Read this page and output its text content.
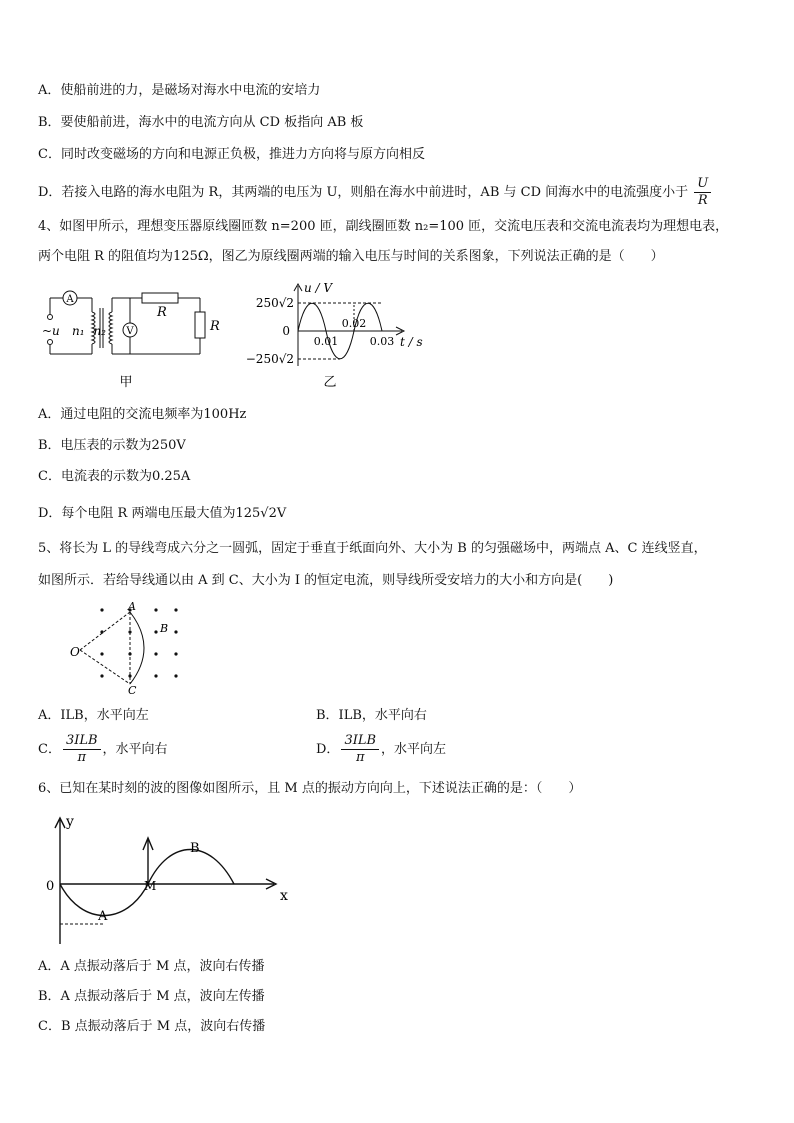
A．使船前进的力，是磁场对海水中电流的安培力
B．要使船前进，海水中的电流方向从 CD 板指向 AB 板
C．同时改变磁场的方向和电源正负极，推进力方向将与原方向相反
D．若接入电路的海水电阻为 R，其两端的电压为 U，则船在海水中前进时，AB 与 CD 间海水中的电流强度小于 $\frac{U}{R}$
4、如图甲所示，理想变压器原线圈匝数 n=200 匝，副线圈匝数 n₂=100 匝，交流电压表和交流电流表均为理想电表，
两个电阻 R 的阻值均为125Ω，图乙为原线圈两端的输入电压与时间的关系图象，下列说法正确的是（　　）
A
V
~u n₁ n₂
R
R
甲
u / V
t / s
250√2
−250√2
0
0.01
0.02
0.03
乙
A．通过电阻的交流电频率为100Hz
B．电压表的示数为250V
C．电流表的示数为0.25A
D．每个电阻 R 两端电压最大值为125√2V
5、将长为 L 的导线弯成六分之一圆弧，固定于垂直于纸面向外、大小为 B 的匀强磁场中，两端点 A、C 连线竖直，
如图所示．若给导线通以由 A 到 C、大小为 I 的恒定电流，则导线所受安培力的大小和方向是(　　)
O
A
B
C
A．ILB，水平向左	B．ILB，水平向右
C． $\frac{\text{3ILB}}{\pi}$ ，水平向右	D． $\frac{\text{3ILB}}{\pi}$ ，水平向左
6、已知在某时刻的波的图像如图所示，且 M 点的振动方向向上，下述说法正确的是：（　　）
y
x
0
A
B
M
A．A 点振动落后于 M 点，波向右传播
B．A 点振动落后于 M 点，波向左传播
C．B 点振动落后于 M 点，波向右传播
